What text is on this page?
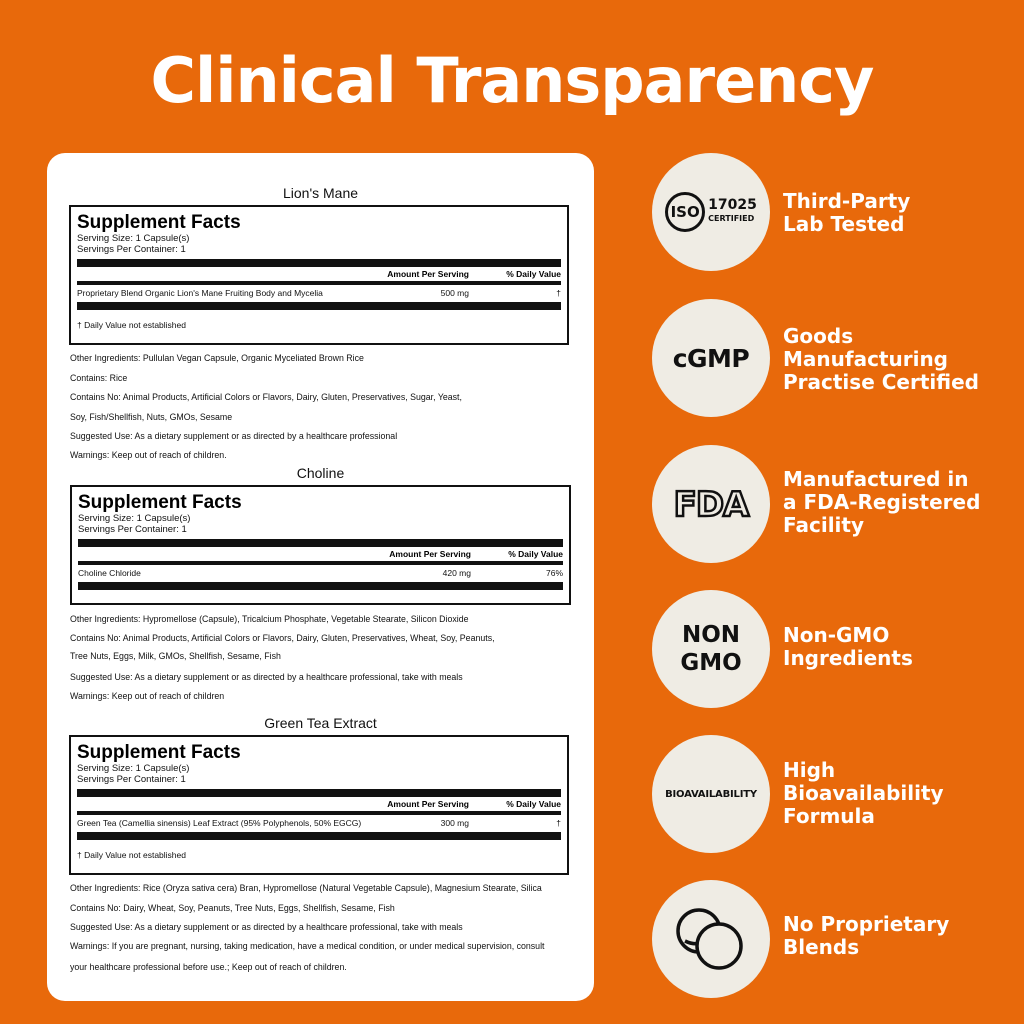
Clinical Transparency
Lion's Mane
Supplement Facts
Serving Size: 1 Capsule(s)
Servings Per Container: 1
Amount Per Serving	% Daily Value
Proprietary Blend Organic Lion's Mane Fruiting Body and Mycelia	500 mg	†
† Daily Value not established
Other Ingredients: Pullulan Vegan Capsule, Organic Myceliated Brown Rice
Contains: Rice
Contains No: Animal Products, Artificial Colors or Flavors, Dairy, Gluten, Preservatives, Sugar, Yeast,
Soy, Fish/Shellfish, Nuts, GMOs, Sesame
Suggested Use: As a dietary supplement or as directed by a healthcare professional
Warnings: Keep out of reach of children.
Choline
Supplement Facts
Serving Size: 1 Capsule(s)
Servings Per Container: 1
Amount Per Serving	% Daily Value
Choline Chloride	420 mg	76%
Other Ingredients: Hypromellose (Capsule), Tricalcium Phosphate, Vegetable Stearate, Silicon Dioxide
Contains No: Animal Products, Artificial Colors or Flavors, Dairy, Gluten, Preservatives, Wheat, Soy, Peanuts,
Tree Nuts, Eggs, Milk, GMOs, Shellfish, Sesame, Fish
Suggested Use: As a dietary supplement or as directed by a healthcare professional, take with meals
Warnings: Keep out of reach of children
Green Tea Extract
Supplement Facts
Serving Size: 1 Capsule(s)
Servings Per Container: 1
Amount Per Serving	% Daily Value
Green Tea (Camellia sinensis) Leaf Extract (95% Polyphenols, 50% EGCG)	300 mg	†
† Daily Value not established
Other Ingredients: Rice (Oryza sativa cera) Bran, Hypromellose (Natural Vegetable Capsule), Magnesium Stearate, Silica
Contains No: Dairy, Wheat, Soy, Peanuts, Tree Nuts, Eggs, Shellfish, Sesame, Fish
Suggested Use: As a dietary supplement or as directed by a healthcare professional, take with meals
Warnings: If you are pregnant, nursing, taking medication, have a medical condition, or under medical supervision, consult
your healthcare professional before use.; Keep out of reach of children.
ISO 17025
CERTIFIED
Third-Party
Lab Tested
cGMP
Goods
Manufacturing
Practise Certified
FDA
Manufactured in
a FDA-Registered
Facility
NON
GMO
Non-GMO
Ingredients
BIOAVAILABILITY
High
Bioavailability
Formula
No Proprietary
Blends
